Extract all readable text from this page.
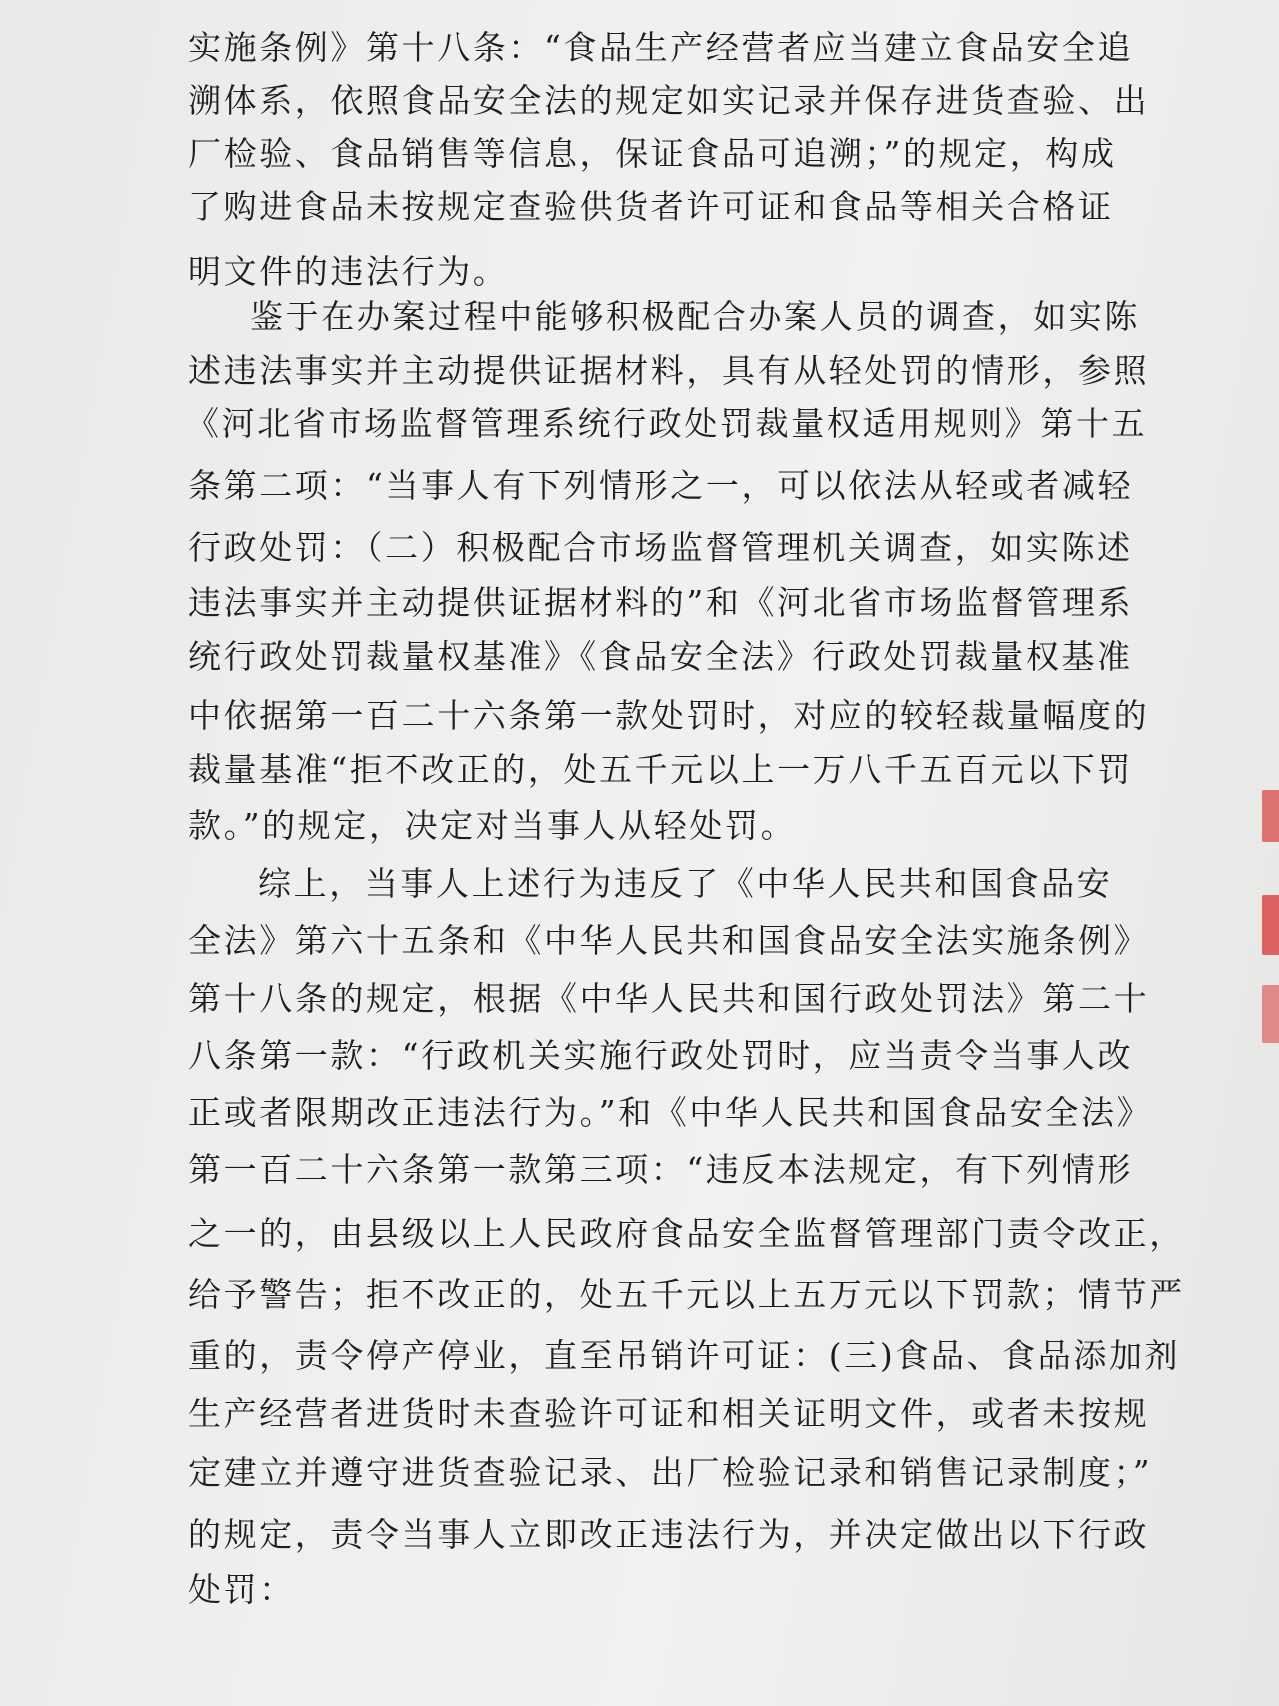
实施条例》第十八条：“食品生产经营者应当建立食品安全追
溯体系，依照食品安全法的规定如实记录并保存进货查验、出
厂检验、食品销售等信息，保证食品可追溯；”的规定，构成
了购进食品未按规定查验供货者许可证和食品等相关合格证
明文件的违法行为。
鉴于在办案过程中能够积极配合办案人员的调查，如实陈
述违法事实并主动提供证据材料，具有从轻处罚的情形，参照
《河北省市场监督管理系统行政处罚裁量权适用规则》第十五
条第二项：“当事人有下列情形之一，可以依法从轻或者减轻
行政处罚：（二）积极配合市场监督管理机关调查，如实陈述
违法事实并主动提供证据材料的”和《河北省市场监督管理系
统行政处罚裁量权基准》《食品安全法》行政处罚裁量权基准
中依据第一百二十六条第一款处罚时，对应的较轻裁量幅度的
裁量基准“拒不改正的，处五千元以上一万八千五百元以下罚
款。”的规定，决定对当事人从轻处罚。
综上，当事人上述行为违反了《中华人民共和国食品安
全法》第六十五条和《中华人民共和国食品安全法实施条例》
第十八条的规定，根据《中华人民共和国行政处罚法》第二十
八条第一款：“行政机关实施行政处罚时，应当责令当事人改
正或者限期改正违法行为。”和《中华人民共和国食品安全法》
第一百二十六条第一款第三项：“违反本法规定，有下列情形
之一的，由县级以上人民政府食品安全监督管理部门责令改正，
给予警告；拒不改正的，处五千元以上五万元以下罚款；情节严
重的，责令停产停业，直至吊销许可证：(三)食品、食品添加剂
生产经营者进货时未查验许可证和相关证明文件，或者未按规
定建立并遵守进货查验记录、出厂检验记录和销售记录制度；”
的规定，责令当事人立即改正违法行为，并决定做出以下行政
处罚：
